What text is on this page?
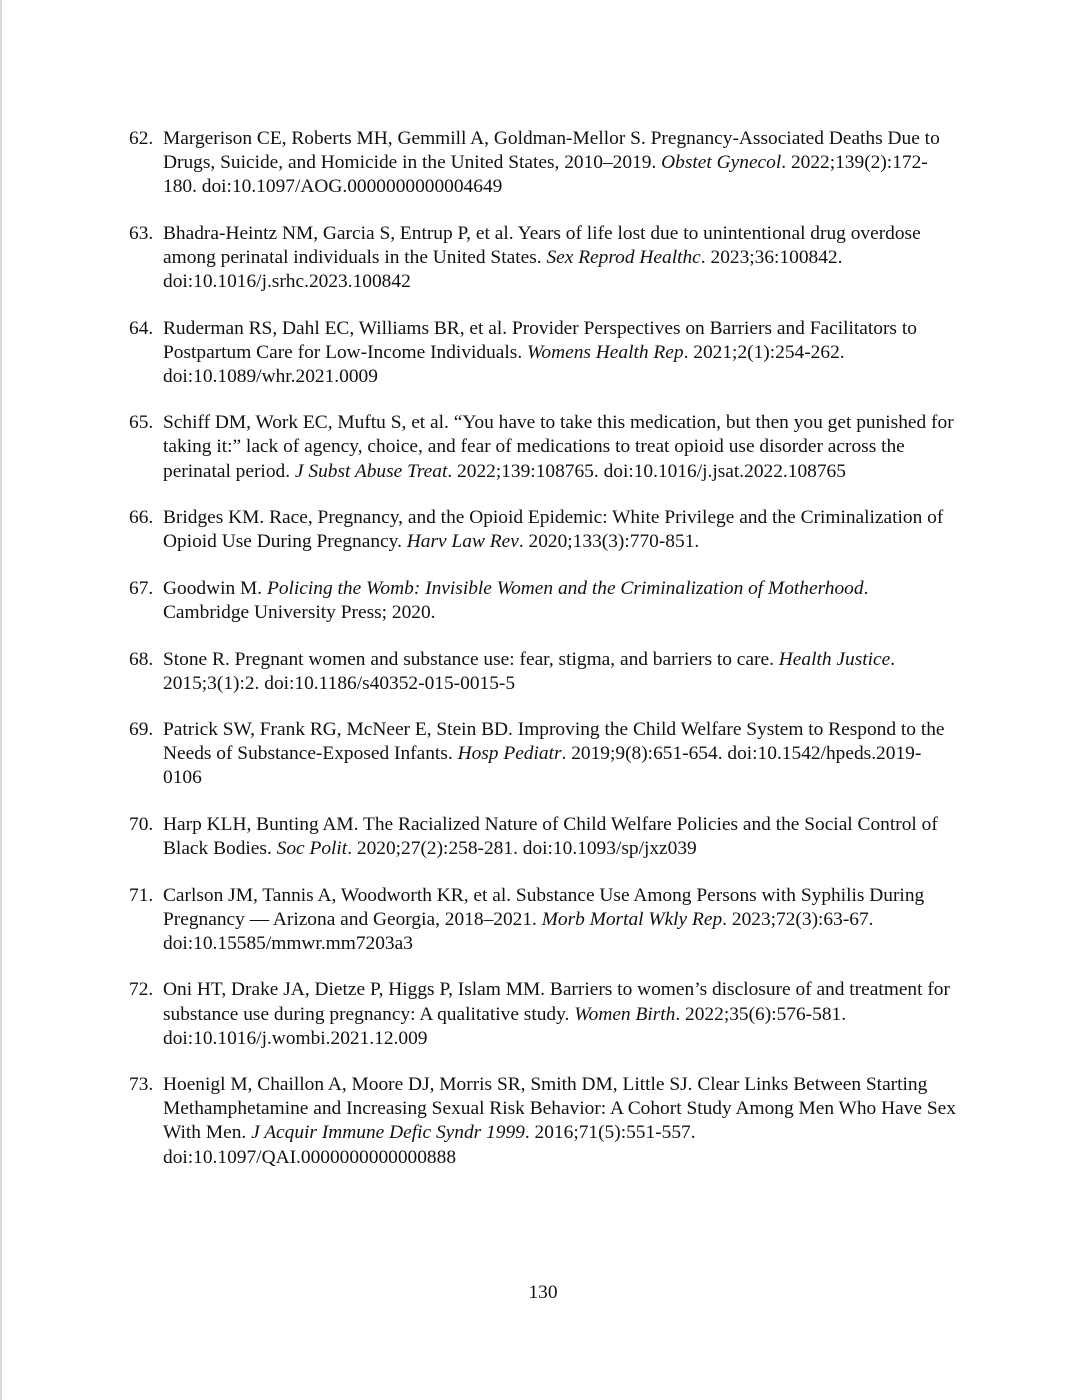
62. Margerison CE, Roberts MH, Gemmill A, Goldman-Mellor S. Pregnancy-Associated Deaths Due to Drugs, Suicide, and Homicide in the United States, 2010–2019. Obstet Gynecol. 2022;139(2):172-180. doi:10.1097/AOG.0000000000004649
63. Bhadra-Heintz NM, Garcia S, Entrup P, et al. Years of life lost due to unintentional drug overdose among perinatal individuals in the United States. Sex Reprod Healthc. 2023;36:100842. doi:10.1016/j.srhc.2023.100842
64. Ruderman RS, Dahl EC, Williams BR, et al. Provider Perspectives on Barriers and Facilitators to Postpartum Care for Low-Income Individuals. Womens Health Rep. 2021;2(1):254-262. doi:10.1089/whr.2021.0009
65. Schiff DM, Work EC, Muftu S, et al. “You have to take this medication, but then you get punished for taking it:” lack of agency, choice, and fear of medications to treat opioid use disorder across the perinatal period. J Subst Abuse Treat. 2022;139:108765. doi:10.1016/j.jsat.2022.108765
66. Bridges KM. Race, Pregnancy, and the Opioid Epidemic: White Privilege and the Criminalization of Opioid Use During Pregnancy. Harv Law Rev. 2020;133(3):770-851.
67. Goodwin M. Policing the Womb: Invisible Women and the Criminalization of Motherhood. Cambridge University Press; 2020.
68. Stone R. Pregnant women and substance use: fear, stigma, and barriers to care. Health Justice. 2015;3(1):2. doi:10.1186/s40352-015-0015-5
69. Patrick SW, Frank RG, McNeer E, Stein BD. Improving the Child Welfare System to Respond to the Needs of Substance-Exposed Infants. Hosp Pediatr. 2019;9(8):651-654. doi:10.1542/hpeds.2019-0106
70. Harp KLH, Bunting AM. The Racialized Nature of Child Welfare Policies and the Social Control of Black Bodies. Soc Polit. 2020;27(2):258-281. doi:10.1093/sp/jxz039
71. Carlson JM, Tannis A, Woodworth KR, et al. Substance Use Among Persons with Syphilis During Pregnancy — Arizona and Georgia, 2018–2021. Morb Mortal Wkly Rep. 2023;72(3):63-67. doi:10.15585/mmwr.mm7203a3
72. Oni HT, Drake JA, Dietze P, Higgs P, Islam MM. Barriers to women’s disclosure of and treatment for substance use during pregnancy: A qualitative study. Women Birth. 2022;35(6):576-581. doi:10.1016/j.wombi.2021.12.009
73. Hoenigl M, Chaillon A, Moore DJ, Morris SR, Smith DM, Little SJ. Clear Links Between Starting Methamphetamine and Increasing Sexual Risk Behavior: A Cohort Study Among Men Who Have Sex With Men. J Acquir Immune Defic Syndr 1999. 2016;71(5):551-557. doi:10.1097/QAI.0000000000000888
130
